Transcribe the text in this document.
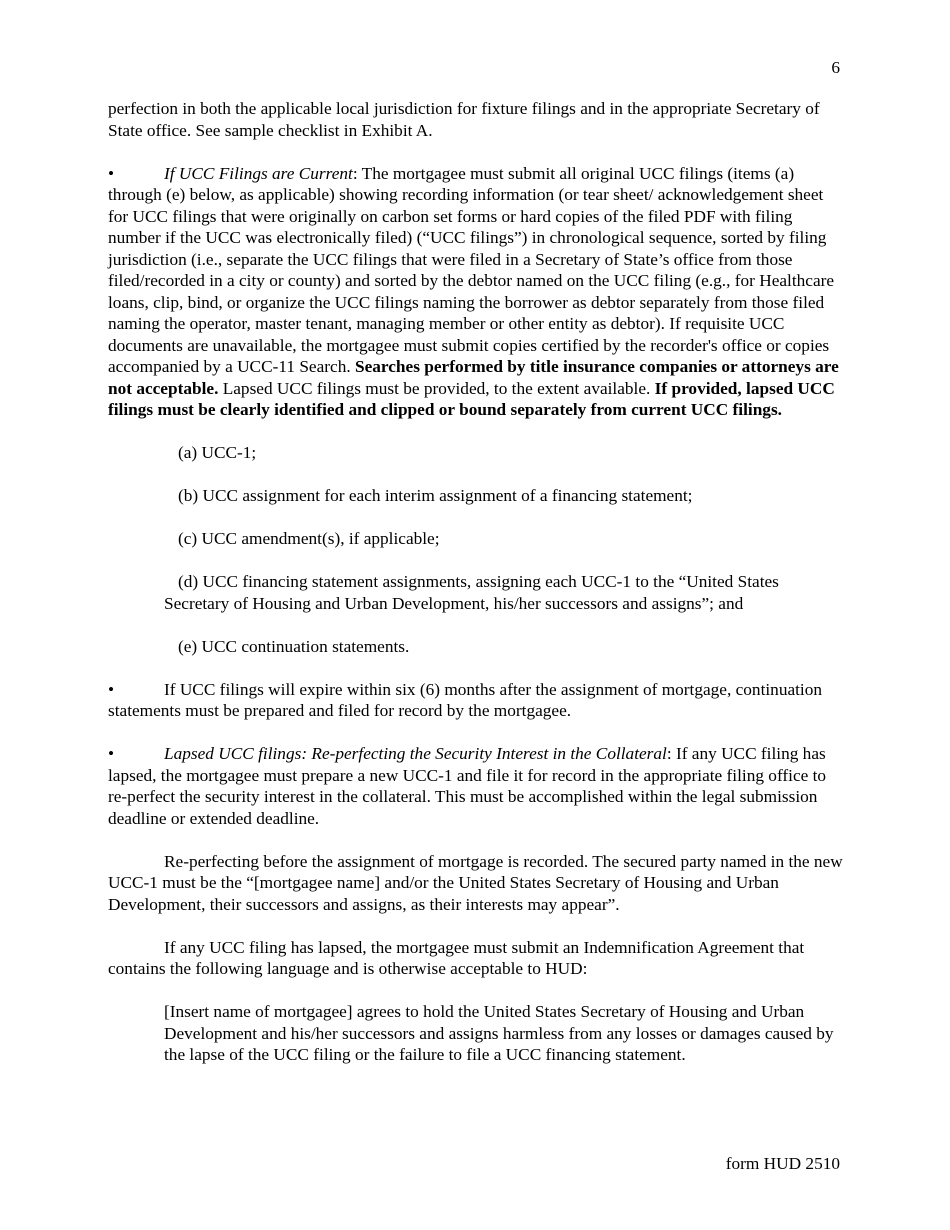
6

perfection in both the applicable local jurisdiction for fixture filings and in the appropriate Secretary of State office. See sample checklist in Exhibit A.

•	If UCC Filings are Current: The mortgagee must submit all original UCC filings (items (a) through (e) below, as applicable) showing recording information (or tear sheet/ acknowledgement sheet for UCC filings that were originally on carbon set forms or hard copies of the filed PDF with filing number if the UCC was electronically filed) (“UCC filings”) in chronological sequence, sorted by filing jurisdiction (i.e., separate the UCC filings that were filed in a Secretary of State’s office from those filed/recorded in a city or county) and sorted by the debtor named on the UCC filing (e.g., for Healthcare loans, clip, bind, or organize the UCC filings naming the borrower as debtor separately from those filed naming the operator, master tenant, managing member or other entity as debtor). If requisite UCC documents are unavailable, the mortgagee must submit copies certified by the recorder's office or copies accompanied by a UCC-11 Search. Searches performed by title insurance companies or attorneys are not acceptable. Lapsed UCC filings must be provided, to the extent available. If provided, lapsed UCC filings must be clearly identified and clipped or bound separately from current UCC filings.

(a) UCC-1;

(b) UCC assignment for each interim assignment of a financing statement;

(c) UCC amendment(s), if applicable;

(d) UCC financing statement assignments, assigning each UCC-1 to the “United States Secretary of Housing and Urban Development, his/her successors and assigns”; and

(e) UCC continuation statements.

•	If UCC filings will expire within six (6) months after the assignment of mortgage, continuation statements must be prepared and filed for record by the mortgagee.

•	Lapsed UCC filings: Re-perfecting the Security Interest in the Collateral: If any UCC filing has lapsed, the mortgagee must prepare a new UCC-1 and file it for record in the appropriate filing office to re-perfect the security interest in the collateral. This must be accomplished within the legal submission deadline or extended deadline.

Re-perfecting before the assignment of mortgage is recorded. The secured party named in the new UCC-1 must be the “[mortgagee name] and/or the United States Secretary of Housing and Urban Development, their successors and assigns, as their interests may appear”.

If any UCC filing has lapsed, the mortgagee must submit an Indemnification Agreement that contains the following language and is otherwise acceptable to HUD:

[Insert name of mortgagee] agrees to hold the United States Secretary of Housing and Urban Development and his/her successors and assigns harmless from any losses or damages caused by the lapse of the UCC filing or the failure to file a UCC financing statement.

form HUD 2510
